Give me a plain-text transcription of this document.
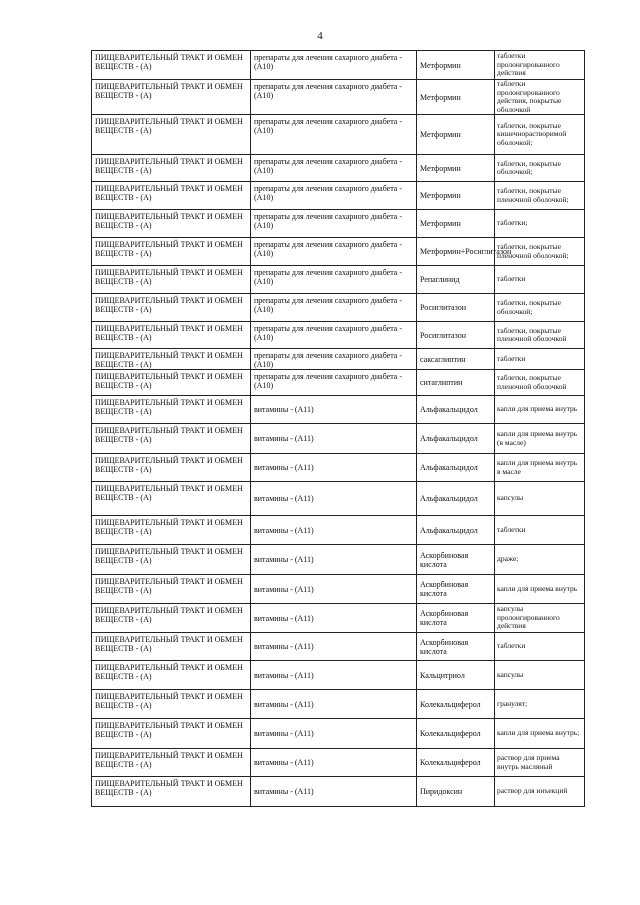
4
ПИЩЕВАРИТЕЛЬНЫЙ ТРАКТ И ОБМЕН ВЕЩЕСТВ - (А)	препараты для лечения сахарного диабета - (А10)	Метформин	таблетки пролонгированного действия
ПИЩЕВАРИТЕЛЬНЫЙ ТРАКТ И ОБМЕН ВЕЩЕСТВ - (А)	препараты для лечения сахарного диабета - (А10)	Метформин	таблетки пролонгированного действия, покрытые оболочкой
ПИЩЕВАРИТЕЛЬНЫЙ ТРАКТ И ОБМЕН ВЕЩЕСТВ - (А)	препараты для лечения сахарного диабета - (А10)	Метформин	таблетки, покрытые кишечнорастворимой оболочкой;
ПИЩЕВАРИТЕЛЬНЫЙ ТРАКТ И ОБМЕН ВЕЩЕСТВ - (А)	препараты для лечения сахарного диабета - (А10)	Метформин	таблетки, покрытые оболочкой;
ПИЩЕВАРИТЕЛЬНЫЙ ТРАКТ И ОБМЕН ВЕЩЕСТВ - (А)	препараты для лечения сахарного диабета - (А10)	Метформин	таблетки, покрытые пленочной оболочкой;
ПИЩЕВАРИТЕЛЬНЫЙ ТРАКТ И ОБМЕН ВЕЩЕСТВ - (А)	препараты для лечения сахарного диабета - (А10)	Метформин	таблетки;
ПИЩЕВАРИТЕЛЬНЫЙ ТРАКТ И ОБМЕН ВЕЩЕСТВ - (А)	препараты для лечения сахарного диабета - (А10)	Метформин+Росиглитазон	таблетки, покрытые пленочной оболочкой;
ПИЩЕВАРИТЕЛЬНЫЙ ТРАКТ И ОБМЕН ВЕЩЕСТВ - (А)	препараты для лечения сахарного диабета - (А10)	Репаглинид	таблетки
ПИЩЕВАРИТЕЛЬНЫЙ ТРАКТ И ОБМЕН ВЕЩЕСТВ - (А)	препараты для лечения сахарного диабета - (А10)	Росиглитазон	таблетки, покрытые оболочкой;
ПИЩЕВАРИТЕЛЬНЫЙ ТРАКТ И ОБМЕН ВЕЩЕСТВ - (А)	препараты для лечения сахарного диабета - (А10)	Росиглитазон	таблетки, покрытые пленочной оболочкой
ПИЩЕВАРИТЕЛЬНЫЙ ТРАКТ И ОБМЕН ВЕЩЕСТВ - (А)	препараты для лечения сахарного диабета - (А10)	саксаглиптин	таблетки
ПИЩЕВАРИТЕЛЬНЫЙ ТРАКТ И ОБМЕН ВЕЩЕСТВ - (А)	препараты для лечения сахарного диабета - (А10)	ситаглиптин	таблетки, покрытые пленочной оболочкой
ПИЩЕВАРИТЕЛЬНЫЙ ТРАКТ И ОБМЕН ВЕЩЕСТВ - (А)	витамины - (А11)	Альфакальцидол	капли для приема внутрь
ПИЩЕВАРИТЕЛЬНЫЙ ТРАКТ И ОБМЕН ВЕЩЕСТВ - (А)	витамины - (А11)	Альфакальцидол	капли для приема внутрь (в масле)
ПИЩЕВАРИТЕЛЬНЫЙ ТРАКТ И ОБМЕН ВЕЩЕСТВ - (А)	витамины - (А11)	Альфакальцидол	капли для приема внутрь в масле
ПИЩЕВАРИТЕЛЬНЫЙ ТРАКТ И ОБМЕН ВЕЩЕСТВ - (А)	витамины - (А11)	Альфакальцидол	капсулы
ПИЩЕВАРИТЕЛЬНЫЙ ТРАКТ И ОБМЕН ВЕЩЕСТВ - (А)	витамины - (А11)	Альфакальцидол	таблетки
ПИЩЕВАРИТЕЛЬНЫЙ ТРАКТ И ОБМЕН ВЕЩЕСТВ - (А)	витамины - (А11)	Аскорбиновая кислота	драже;
ПИЩЕВАРИТЕЛЬНЫЙ ТРАКТ И ОБМЕН ВЕЩЕСТВ - (А)	витамины - (А11)	Аскорбиновая кислота	капли для приема внутрь
ПИЩЕВАРИТЕЛЬНЫЙ ТРАКТ И ОБМЕН ВЕЩЕСТВ - (А)	витамины - (А11)	Аскорбиновая кислота	капсулы пролонгированного действия
ПИЩЕВАРИТЕЛЬНЫЙ ТРАКТ И ОБМЕН ВЕЩЕСТВ - (А)	витамины - (А11)	Аскорбиновая кислота	таблетки
ПИЩЕВАРИТЕЛЬНЫЙ ТРАКТ И ОБМЕН ВЕЩЕСТВ - (А)	витамины - (А11)	Кальцитриол	капсулы
ПИЩЕВАРИТЕЛЬНЫЙ ТРАКТ И ОБМЕН ВЕЩЕСТВ - (А)	витамины - (А11)	Колекальциферол	гранулят;
ПИЩЕВАРИТЕЛЬНЫЙ ТРАКТ И ОБМЕН ВЕЩЕСТВ - (А)	витамины - (А11)	Колекальциферол	капли для приема внутрь;
ПИЩЕВАРИТЕЛЬНЫЙ ТРАКТ И ОБМЕН ВЕЩЕСТВ - (А)	витамины - (А11)	Колекальциферол	раствор для приема внутрь масляный
ПИЩЕВАРИТЕЛЬНЫЙ ТРАКТ И ОБМЕН ВЕЩЕСТВ - (А)	витамины - (А11)	Пиридоксин	раствор для инъекций
